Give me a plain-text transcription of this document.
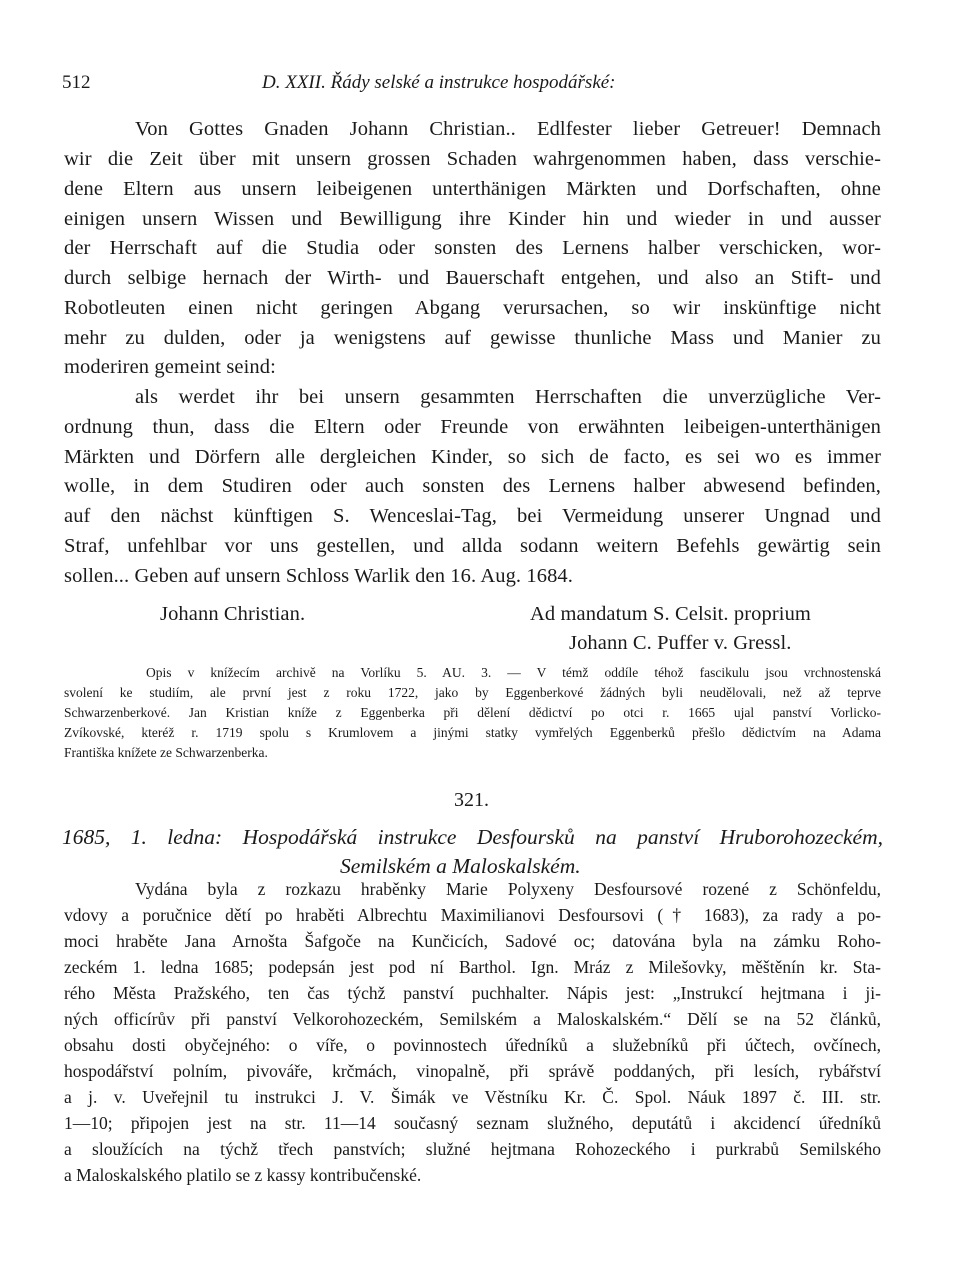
512	D. XXII. Řády selské a instrukce hospodářské:
Von Gottes Gnaden Johann Christian.. Edlfester lieber Getreuer! Demnach
wir die Zeit über mit unsern grossen Schaden wahrgenommen haben, dass verschie-
dene Eltern aus unsern leibeigenen unterthänigen Märkten und Dorfschaften, ohne
einigen unsern Wissen und Bewilligung ihre Kinder hin und wieder in und ausser
der Herrschaft auf die Studia oder sonsten des Lernens halber verschicken, wor-
durch selbige hernach der Wirth- und Bauerschaft entgehen, und also an Stift- und
Robotleuten einen nicht geringen Abgang verursachen, so wir inskünftige nicht
mehr zu dulden, oder ja wenigstens auf gewisse thunliche Mass und Manier zu
moderiren gemeint seind:
als werdet ihr bei unsern gesammten Herrschaften die unverzügliche Ver-
ordnung thun, dass die Eltern oder Freunde von erwähnten leibeigen-unterthänigen
Märkten und Dörfern alle dergleichen Kinder, so sich de facto, es sei wo es immer
wolle, in dem Studiren oder auch sonsten des Lernens halber abwesend befinden,
auf den nächst künftigen S. Wenceslai-Tag, bei Vermeidung unserer Ungnad und
Straf, unfehlbar vor uns gestellen, und allda sodann weitern Befehls gewärtig sein
sollen... Geben auf unsern Schloss Warlik den 16. Aug. 1684.
Johann Christian.	Ad mandatum S. Celsit. proprium
Johann C. Puffer v. Gressl.
Opis v knížecím archivě na Vorlíku 5. AU. 3. — V témž oddíle téhož fascikulu jsou vrchnostenská
svolení ke studiím, ale první jest z roku 1722, jako by Eggenberkové žádných byli neudělovali, než až teprve
Schwarzenberkové. Jan Kristian kníže z Eggenberka při dělení dědictví po otci r. 1665 ujal panství Vorlicko-
Zvíkovské, kteréž r. 1719 spolu s Krumlovem a jinými statky vymřelých Eggenberků přešlo dědictvím na Adama
Františka knížete ze Schwarzenberka.
321.
1685, 1. ledna: Hospodářská instrukce Desfoursků na panství Hruborohozeckém,
Semilském a Maloskalském.
Vydána byla z rozkazu hraběnky Marie Polyxeny Desfoursové rozené z Schönfeldu,
vdovy a poručnice dětí po hraběti Albrechtu Maximilianovi Desfoursovi († 1683), za rady a po-
moci hraběte Jana Arnošta Šafgoče na Kunčicích, Sadové oc; datována byla na zámku Roho-
zeckém 1. ledna 1685; podepsán jest pod ní Barthol. Ign. Mráz z Milešovky, měštěnín kr. Sta-
rého Města Pražského, ten čas týchž panství puchhalter. Nápis jest: „Instrukcí hejtmana i ji-
ných officírův při panství Velkorohozeckém, Semilském a Maloskalském.“ Dělí se na 52 článků,
obsahu dosti obyčejného: o víře, o povinnostech úředníků a služebníků při účtech, ovčínech,
hospodářství polním, pivováře, krčmách, vinopalně, při správě poddaných, při lesích, rybářství
a j. v. Uveřejnil tu instrukci J. V. Šimák ve Věstníku Kr. Č. Spol. Náuk 1897 č. III. str.
1—10; připojen jest na str. 11—14 současný seznam služného, deputátů i akcidencí úředníků
a sloužících na týchž třech panstvích; služné hejtmana Rohozeckého i purkrabů Semilského
a Maloskalského platilo se z kassy kontribučenské.
